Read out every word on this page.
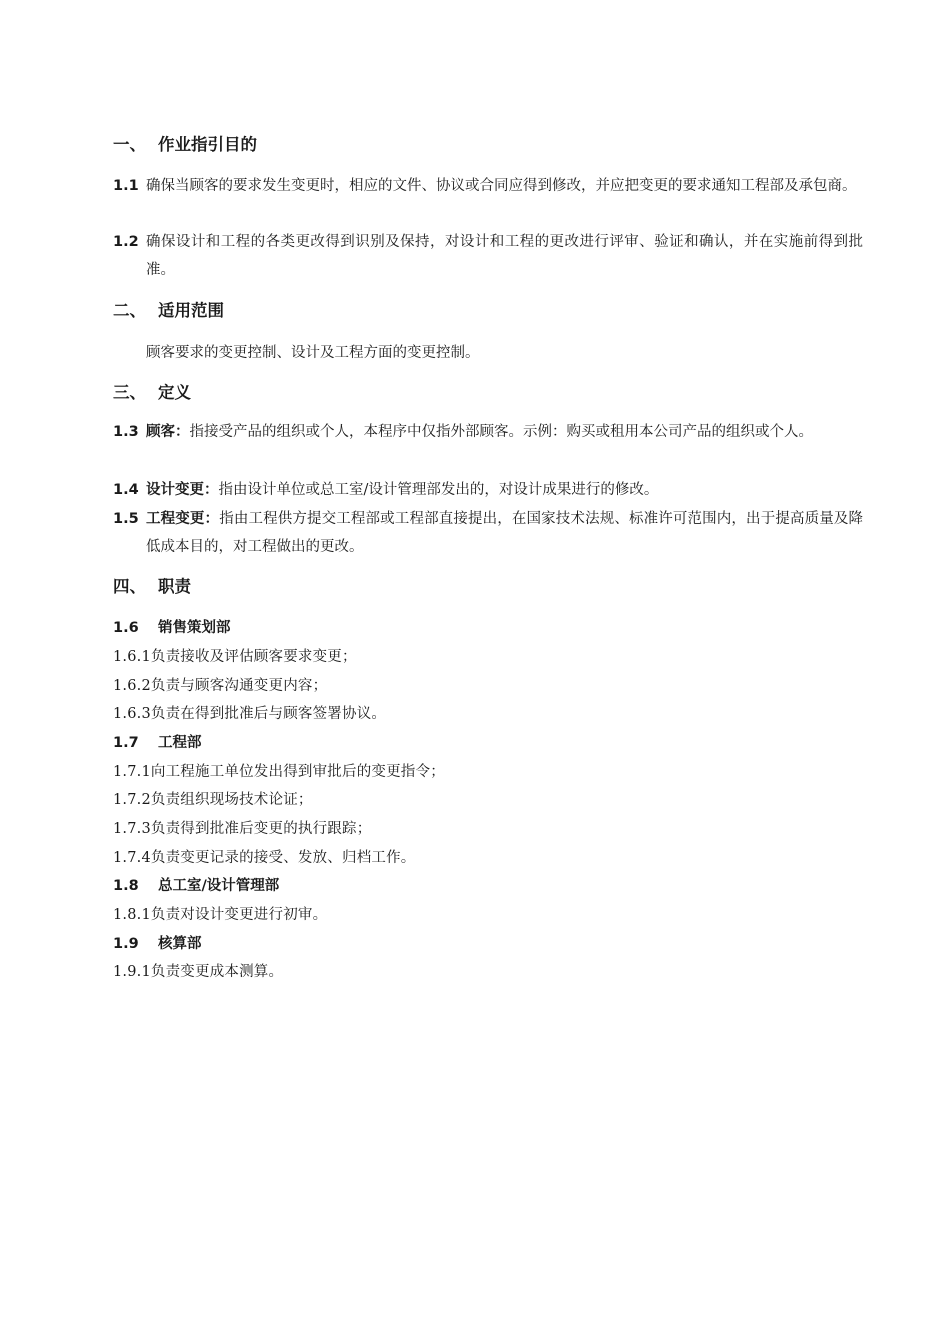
一、 作业指引目的
1.1 确保当顾客的要求发生变更时，相应的文件、协议或合同应得到修改，并应把变更的要求通知工程部及承包商。
1.2 确保设计和工程的各类更改得到识别及保持，对设计和工程的更改进行评审、验证和确认，并在实施前得到批准。
二、 适用范围
顾客要求的变更控制、设计及工程方面的变更控制。
三、 定义
1.3 顾客：指接受产品的组织或个人，本程序中仅指外部顾客。示例：购买或租用本公司产品的组织或个人。
1.4 设计变更：指由设计单位或总工室/设计管理部发出的，对设计成果进行的修改。
1.5 工程变更：指由工程供方提交工程部或工程部直接提出，在国家技术法规、标准许可范围内，出于提高质量及降低成本目的，对工程做出的更改。
四、 职责
1.6 销售策划部
1.6.1负责接收及评估顾客要求变更；
1.6.2负责与顾客沟通变更内容；
1.6.3负责在得到批准后与顾客签署协议。
1.7 工程部
1.7.1向工程施工单位发出得到审批后的变更指令；
1.7.2负责组织现场技术论证；
1.7.3负责得到批准后变更的执行跟踪；
1.7.4负责变更记录的接受、发放、归档工作。
1.8 总工室/设计管理部
1.8.1负责对设计变更进行初审。
1.9 核算部
1.9.1负责变更成本测算。
